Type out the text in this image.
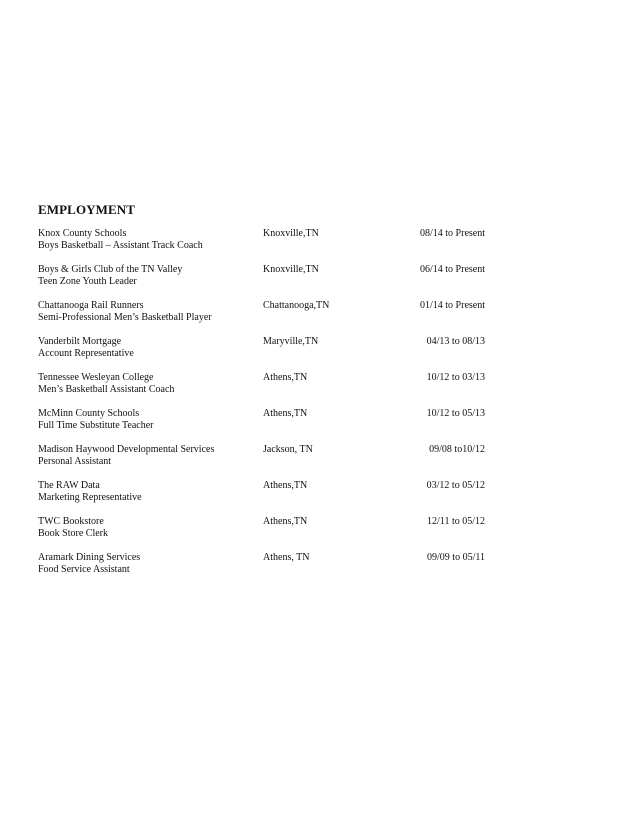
EMPLOYMENT
Knox County Schools
Boys Basketball – Assistant Track Coach
Knoxville,TN	08/14 to Present
Boys & Girls Club of the TN Valley
Teen Zone Youth Leader
Knoxville,TN	06/14 to Present
Chattanooga Rail Runners
Semi-Professional Men’s Basketball Player
Chattanooga,TN	01/14 to Present
Vanderbilt Mortgage
Account Representative
Maryville,TN	04/13 to 08/13
Tennessee Wesleyan College
Men’s Basketball Assistant Coach
Athens,TN	10/12 to 03/13
McMinn County Schools
Full Time Substitute Teacher
Athens,TN	10/12 to 05/13
Madison Haywood Developmental Services
Personal Assistant
Jackson, TN	09/08 to10/12
The RAW Data
Marketing Representative
Athens,TN	03/12 to 05/12
TWC Bookstore
Book Store Clerk
Athens,TN	12/11 to 05/12
Aramark Dining Services
Food Service Assistant
Athens, TN	09/09 to 05/11
